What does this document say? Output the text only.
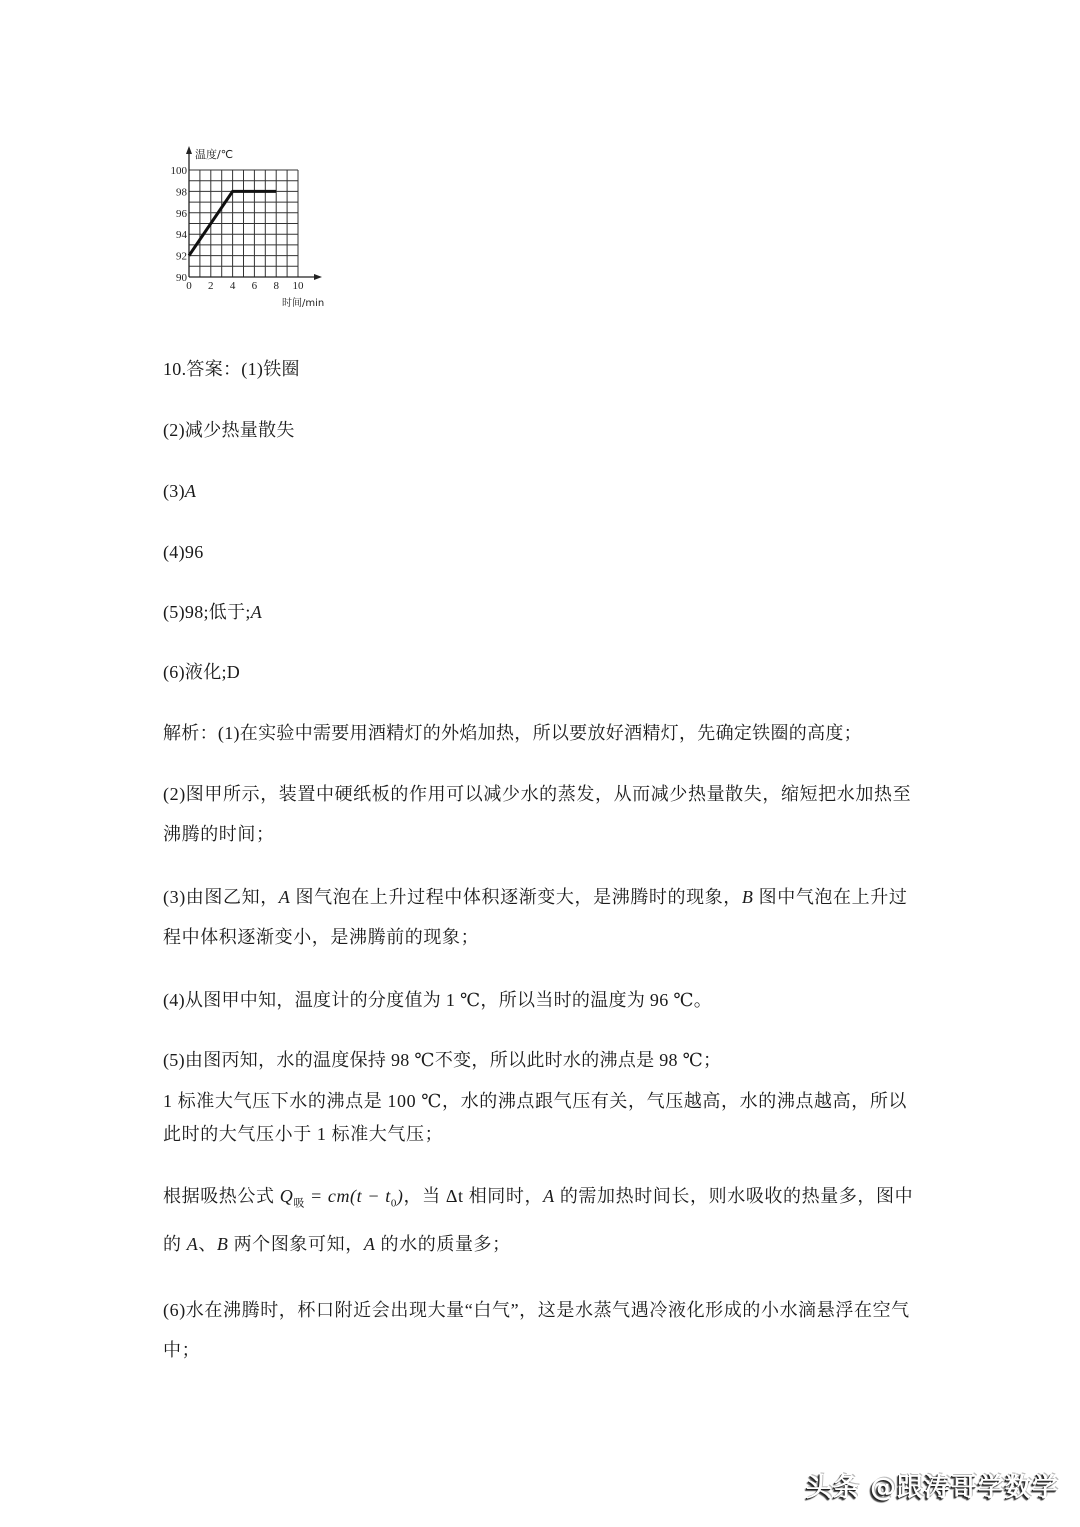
0 2 4 6 8 10
90
92
94
96
98
100
温度/℃
时间/min
10.答案：(1)铁圈
(2)减少热量散失
(3)A
(4)96
(5)98;低于;A
(6)液化;D
解析：(1)在实验中需要用酒精灯的外焰加热，所以要放好酒精灯，先确定铁圈的高度；
(2)图甲所示，装置中硬纸板的作用可以减少水的蒸发，从而减少热量散失，缩短把水加热至沸腾的时间；
(3)由图乙知，A 图气泡在上升过程中体积逐渐变大，是沸腾时的现象，B 图中气泡在上升过程中体积逐渐变小，是沸腾前的现象；
(4)从图甲中知，温度计的分度值为 1 ℃，所以当时的温度为 96 ℃。
(5)由图丙知，水的温度保持 98 ℃不变，所以此时水的沸点是 98 ℃；
1 标准大气压下水的沸点是 100 ℃，水的沸点跟气压有关，气压越高，水的沸点越高，所以此时的大气压小于 1 标准大气压；
根据吸热公式 $Q_吸 = cm(t - t_0)$，当 Δt 相同时，A 的需加热时间长，则水吸收的热量多，图中的 A、B 两个图象可知，A 的水的质量多；
(6)水在沸腾时，杯口附近会出现大量“白气”，这是水蒸气遇冷液化形成的小水滴悬浮在空气中；
头条 @跟涛哥学数学
